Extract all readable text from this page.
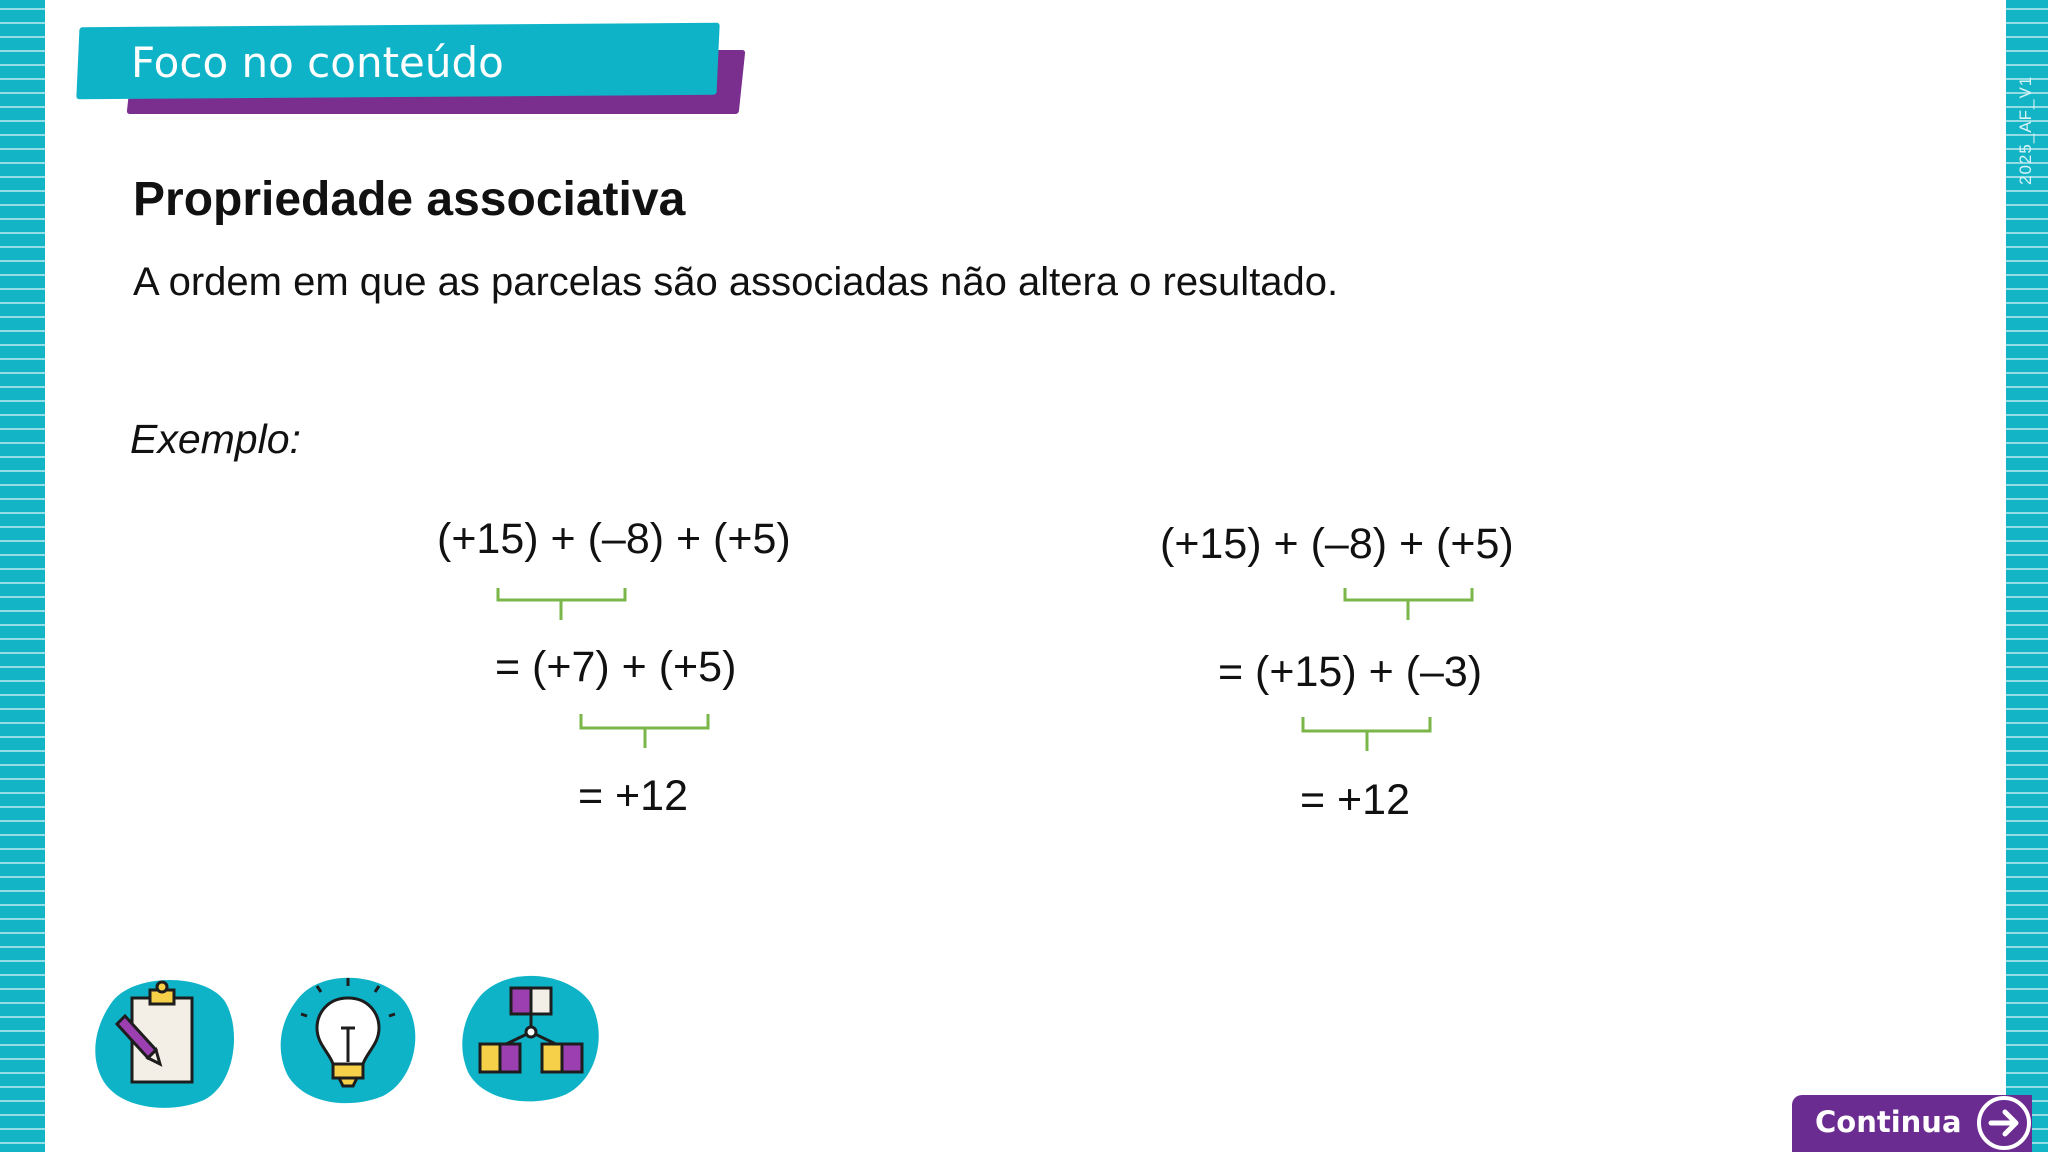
2025_AF_V1
Foco no conteúdo
Propriedade associativa
A ordem em que as parcelas são associadas não altera o resultado.
Exemplo:
(+15) + (–8) + (+5)
= (+7) + (+5)
= +12
(+15) + (–8) + (+5)
= (+15) + (–3)
= +12
Continua
